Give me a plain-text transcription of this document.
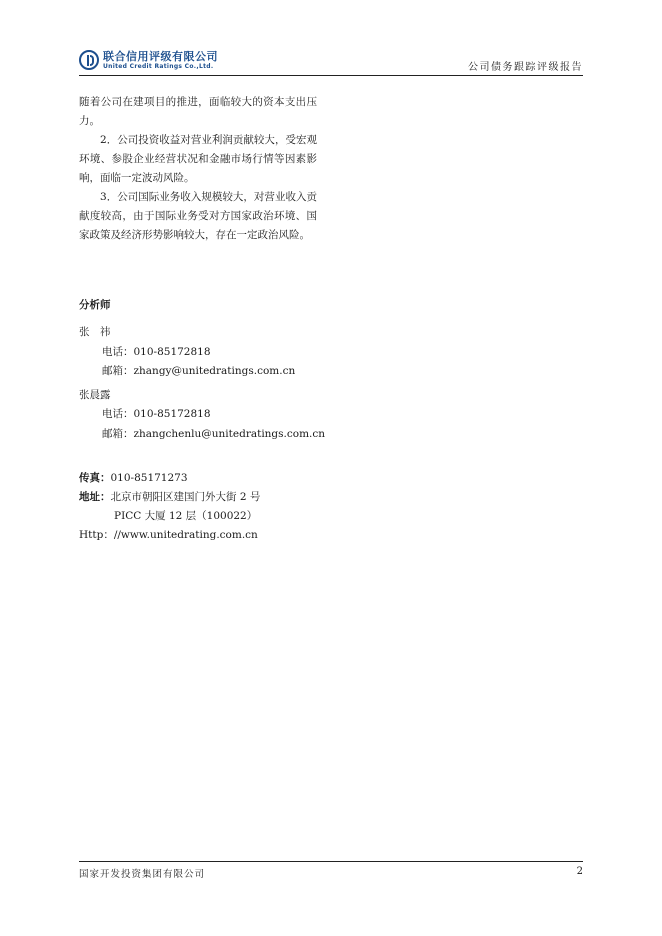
联合信用评级有限公司
United Credit Ratings Co.,Ltd.	公司债务跟踪评级报告

随着公司在建项目的推进，面临较大的资本支出压力。

2．公司投资收益对营业利润贡献较大，受宏观环境、参股企业经营状况和金融市场行情等因素影响，面临一定波动风险。

3．公司国际业务收入规模较大，对营业收入贡献度较高，由于国际业务受对方国家政治环境、国家政策及经济形势影响较大，存在一定政治风险。

分析师
张　祎
电话：010-85172818
邮箱：zhangy@unitedratings.com.cn
张晨露
电话：010-85172818
邮箱：zhangchenlu@unitedratings.com.cn
传真：010-85171273
地址：北京市朝阳区建国门外大街 2 号
PICC 大厦 12 层（100022）
Http：//www.unitedrating.com.cn
国家开发投资集团有限公司	2
